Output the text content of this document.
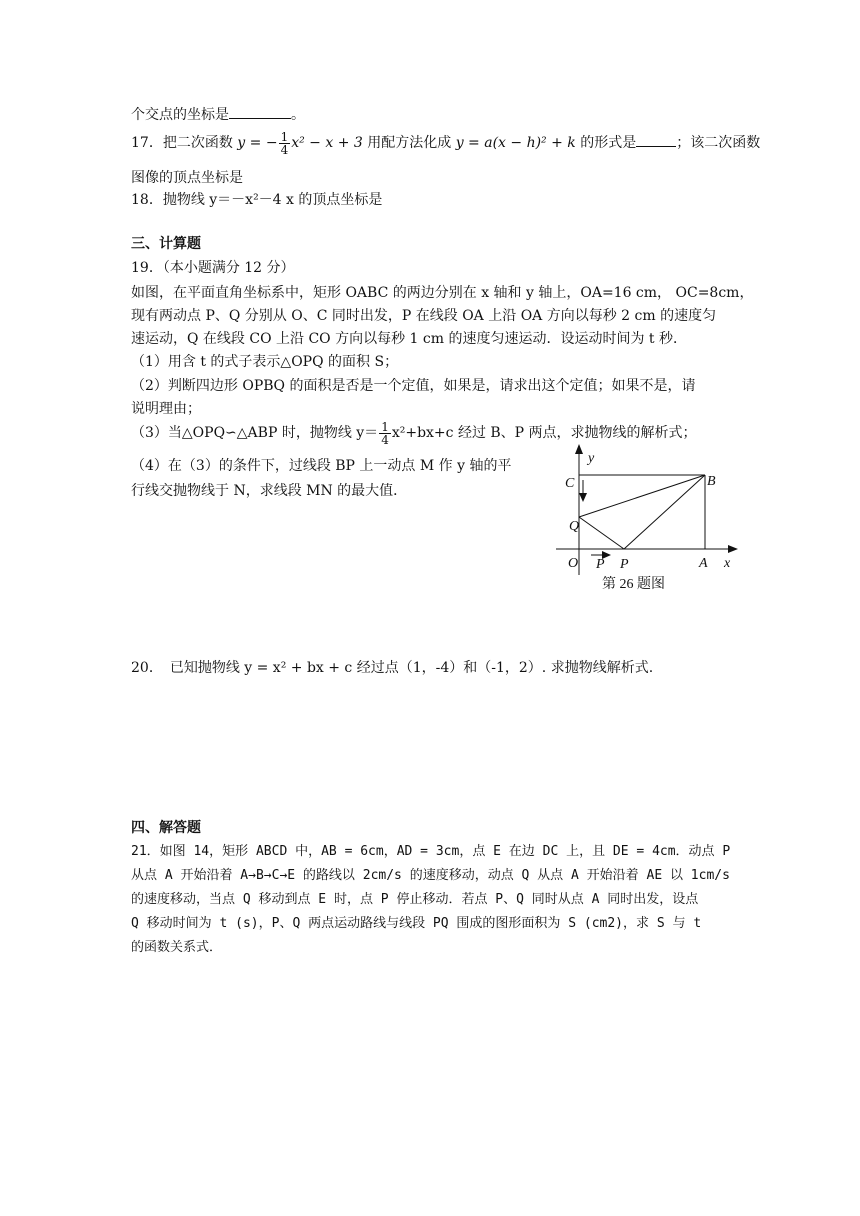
个交点的坐标是	。
17．把二次函数 y = − $\frac{1}{4} x^2 - x + 3$ 用配方法化成 y = a(x − h)² + k 的形式是	；该二次函数
图像的顶点坐标是
18．抛物线 y＝－x²－4 x 的顶点坐标是
三、计算题
19．（本小题满分 12 分）
如图，在平面直角坐标系中，矩形 OABC 的两边分别在 x 轴和 y 轴上，OA=16 cm， OC=8cm，
现有两动点 P、Q 分别从 O、C 同时出发，P 在线段 OA 上沿 OA 方向以每秒 2 cm 的速度匀
速运动，Q 在线段 CO 上沿 CO 方向以每秒 1 cm 的速度匀速运动．设运动时间为 t 秒．
（1）用含 t 的式子表示△OPQ 的面积 S；
（2）判断四边形 OPBQ 的面积是否是一个定值，如果是，请求出这个定值；如果不是，请
说明理由；
（3）当△OPQ∽△ABP 时，抛物线 $y= \frac{1}{4} x^2+bx+c$ 经过 B、P 两点，求抛物线的解析式；
（4）在（3）的条件下，过线段 BP 上一动点 M 作 y 轴的平
行线交抛物线于 N，求线段 MN 的最大值．
y
C	B
Q
O P P	A x
第 26 题图
20．　已知抛物线 y = x² + bx + c 经过点（1，-4）和（-1，2）. 求抛物线解析式.
四、解答题
21．如图 14，矩形 ABCD 中，AB = 6cm，AD = 3cm，点 E 在边 DC 上，且 DE = 4cm．动点 P
从点 A 开始沿着 A→B→C→E 的路线以 2cm/s 的速度移动，动点 Q 从点 A 开始沿着 AE 以 1cm/s
的速度移动，当点 Q 移动到点 E 时，点 P 停止移动．若点 P、Q 同时从点 A 同时出发，设点
Q 移动时间为 t (s)，P、Q 两点运动路线与线段 PQ 围成的图形面积为 S (cm2)，求 S 与 t
的函数关系式．
